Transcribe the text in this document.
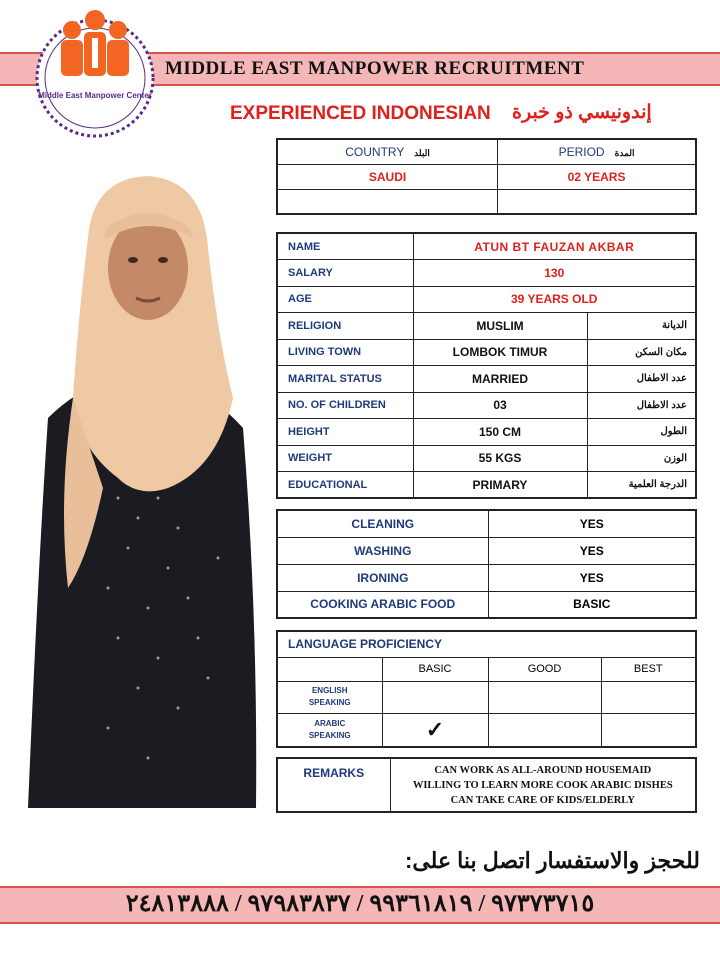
MIDDLE EAST MANPOWER RECRUITMENT
Middle East Manpower Center
EXPERIENCED INDONESIAN إندونيسي ذو خبرة
COUNTRY البلد	PERIOD المدة
SAUDI	02 YEARS

NAME	ATUN BT FAUZAN AKBAR	
SALARY	130	
AGE	39 YEARS OLD	
RELIGION	MUSLIM	الديانة
LIVING TOWN	LOMBOK TIMUR	مكان السكن
MARITAL STATUS	MARRIED	عدد الاطفال
NO. OF CHILDREN	03	عدد الاطفال
HEIGHT	150 CM	الطول
WEIGHT	55 KGS	الوزن
EDUCATIONAL	PRIMARY	الدرجة العلمية
CLEANING	YES
WASHING	YES
IRONING	YES
COOKING ARABIC FOOD	BASIC
LANGUAGE PROFICIENCY			
	BASIC	GOOD	BEST

ENGLISH
SPEAKING			

ARABIC
SPEAKING	✓		
REMARKS	CAN WORK AS ALL-AROUND HOUSEMAID
WILLING TO LEARN MORE COOK ARABIC DISHES
CAN TAKE CARE OF KIDS/ELDERLY
للحجز والاستفسار اتصل بنا على:
٩٧٣٧٣٧١٥ / ٩٩٣٦١٨١٩ / ٩٧٩٨٣٨٣٧ / ٢٤٨١٣٨٨٨
